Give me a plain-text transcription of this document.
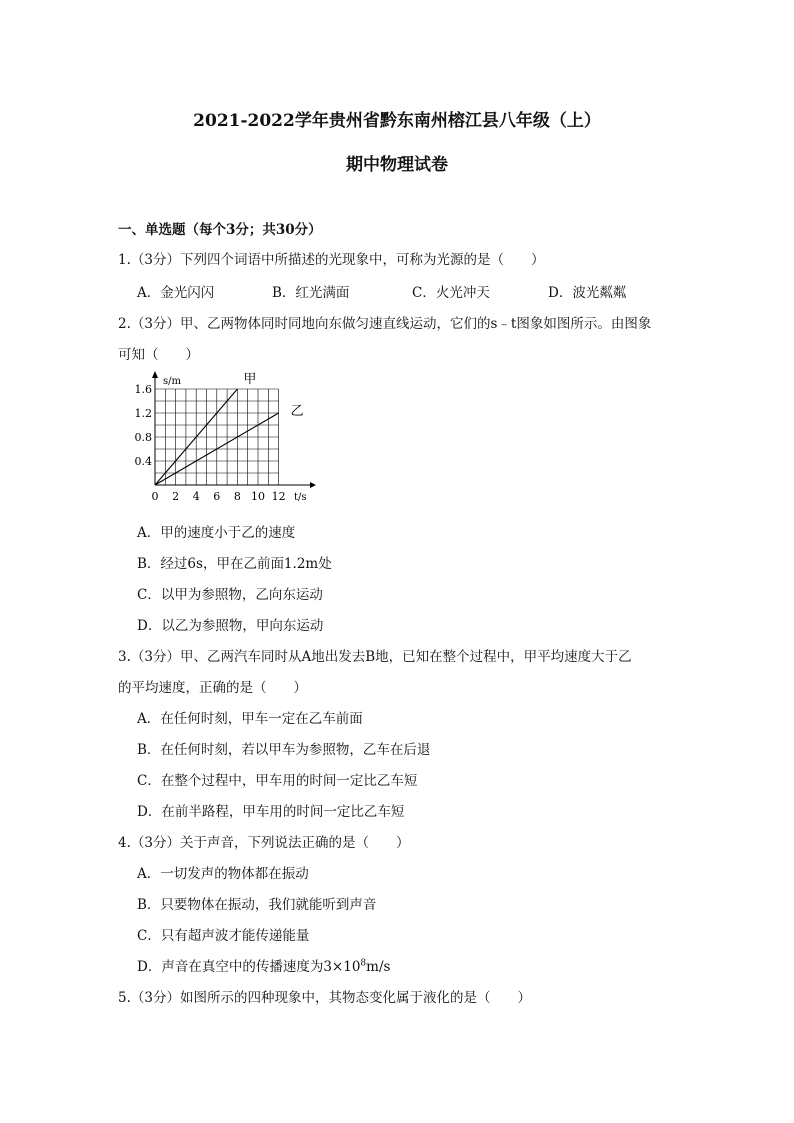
2021-2022学年贵州省黔东南州榕江县八年级（上）
期中物理试卷
一、单选题（每个3分；共30分）
1.（3分）下列四个词语中所描述的光现象中，可称为光源的是（　　）
A．金光闪闪	B．红光满面	C．火光冲天	D．波光粼粼
2.（3分）甲、乙两物体同时同地向东做匀速直线运动，它们的s﹣t图象如图所示。由图象
可知（　　）
s/m
t/s
0 2 4 6 8 10 12
0.4
0.8
1.2
1.6
甲
乙
A．甲的速度小于乙的速度
B．经过6s，甲在乙前面1.2m处
C．以甲为参照物，乙向东运动
D．以乙为参照物，甲向东运动
3.（3分）甲、乙两汽车同时从A地出发去B地，已知在整个过程中，甲平均速度大于乙
的平均速度，正确的是（　　）
A．在任何时刻，甲车一定在乙车前面
B．在任何时刻，若以甲车为参照物，乙车在后退
C．在整个过程中，甲车用的时间一定比乙车短
D．在前半路程，甲车用的时间一定比乙车短
4.（3分）关于声音，下列说法正确的是（　　）
A．一切发声的物体都在振动
B．只要物体在振动，我们就能听到声音
C．只有超声波才能传递能量
D．声音在真空中的传播速度为$3\times 10^8m/s$
5.（3分）如图所示的四种现象中，其物态变化属于液化的是（　　）
